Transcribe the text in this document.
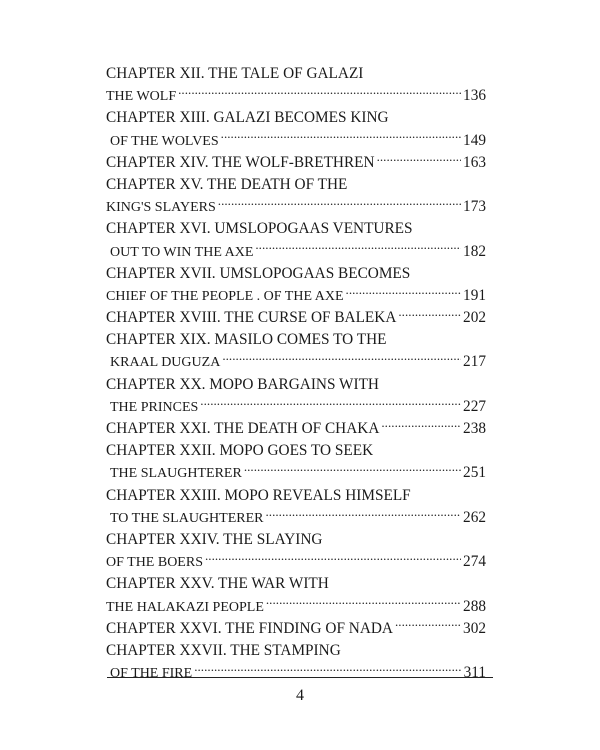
CHAPTER XII. THE TALE OF GALAZI
THE WOLF . . .	136
CHAPTER XIII. GALAZI BECOMES KING
OF THE WOLVES . . .	149
CHAPTER XIV. THE WOLF-BRETHREN . . .	163
CHAPTER XV. THE DEATH OF THE
KING'S SLAYERS . . .	173
CHAPTER XVI. UMSLOPOGAAS VENTURES
OUT TO WIN THE AXE . . .	182
CHAPTER XVII. UMSLOPOGAAS BECOMES
CHIEF OF THE PEOPLE . OF THE AXE . . .	191
CHAPTER XVIII. THE CURSE OF BALEKA . . .	202
CHAPTER XIX. MASILO COMES TO THE
KRAAL DUGUZA . . .	217
CHAPTER XX. MOPO BARGAINS WITH
THE PRINCES . . .	227
CHAPTER XXI. THE DEATH OF CHAKA . . .	238
CHAPTER XXII. MOPO GOES TO SEEK
THE SLAUGHTERER . . .	251
CHAPTER XXIII. MOPO REVEALS HIMSELF
TO THE SLAUGHTERER . . .	262
CHAPTER XXIV. THE SLAYING
OF THE BOERS . . .	274
CHAPTER XXV. THE WAR WITH
THE HALAKAZI PEOPLE . . .	288
CHAPTER XXVI. THE FINDING OF NADA . . .	302
CHAPTER XXVII. THE STAMPING
OF THE FIRE . . .	311
4
